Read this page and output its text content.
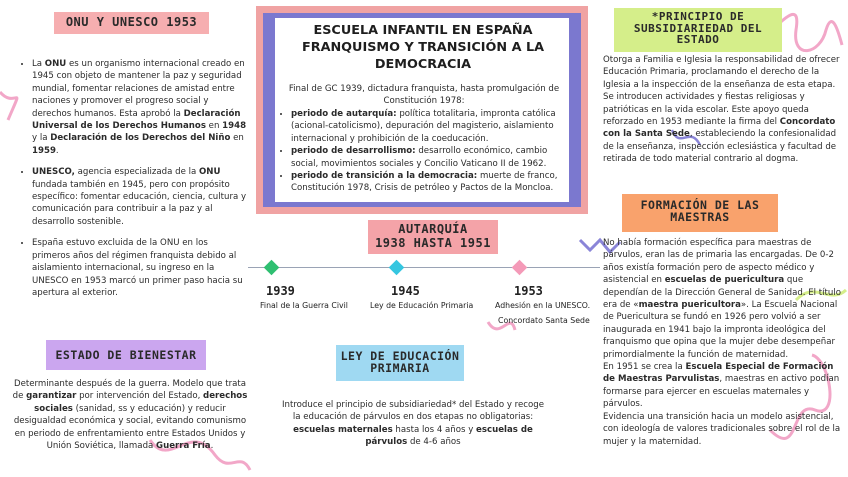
ONU Y UNESCO 1953
• La ONU es un organismo internacional creado en 1945 con objeto de mantener la paz y seguridad mundial, fomentar relaciones de amistad entre naciones y promover el progreso social y derechos humanos. Esta aprobó la Declaración Universal de los Derechos Humanos en 1948 y la Declaración de los Derechos del Niño en 1959.
• UNESCO, agencia especializada de la ONU fundada también en 1945, pero con propósito específico: fomentar educación, ciencia, cultura y comunicación para contribuir a la paz y al desarrollo sostenible.
• España estuvo excluida de la ONU en los primeros años del régimen franquista debido al aislamiento internacional, su ingreso en la UNESCO en 1953 marcó un primer paso hacia su apertura al exterior.
ESTADO DE BIENESTAR
Determinante después de la guerra. Modelo que trata de garantizar por intervención del Estado, derechos sociales (sanidad, ss y educación) y reducir desigualdad económica y social, evitando comunismo en periodo de enfrentamiento entre Estados Unidos y Unión Soviética, llamada Guerra Fría.
ESCUELA INFANTIL EN ESPAÑA FRANQUISMO Y TRANSICIÓN A LA DEMOCRACIA
Final de GC 1939, dictadura franquista, hasta promulgación de Constitución 1978:
• periodo de autarquía: política totalitaria, impronta católica (acional-catolicismo), depuración del magisterio, aislamiento internacional y prohibición de la coeducación.
• periodo de desarrollismo: desarrollo económico, cambio social, movimientos sociales y Concilio Vaticano II de 1962.
• periodo de transición a la democracia: muerte de franco, Constitución 1978, Crisis de petróleo y Pactos de la Moncloa.
AUTARQUÍA
1938 HASTA 1951
1939	1945	1953
Final de la Guerra Civil	Ley de Educación Primaria	Adhesión en la UNESCO.
Concordato Santa Sede
LEY DE EDUCACIÓN PRIMARIA
Introduce el principio de subsidiariedad* del Estado y recoge la educación de párvulos en dos etapas no obligatorias: escuelas maternales hasta los 4 años y escuelas de párvulos de 4-6 años
*PRINCIPIO DE SUBSIDIARIEDAD DEL ESTADO
Otorga a Familia e Iglesia la responsabilidad de ofrecer Educación Primaria, proclamando el derecho de la Iglesia a la inspección de la enseñanza de esta etapa. Se introducen actividades y fiestas religiosas y patrióticas en la vida escolar. Este apoyo queda reforzado en 1953 mediante la firma del Concordato con la Santa Sede, estableciendo la confesionalidad de la enseñanza, inspección eclesiástica y facultad de retirada de todo material contrario al dogma.
FORMACIÓN DE LAS MAESTRAS
No había formación específica para maestras de párvulos, eran las de primaria las encargadas. De 0-2 años existía formación pero de aspecto médico y asistencial en escuelas de puericultura que dependían de la Dirección General de Sanidad. El título era de «maestra puericultora». La Escuela Nacional de Puericultura se fundó en 1926 pero volvió a ser inaugurada en 1941 bajo la impronta ideológica del franquismo que opina que la mujer debe desempeñar primordialmente la función de maternidad.
En 1951 se crea la Escuela Especial de Formación de Maestras Parvulistas, maestras en activo podían formarse para ejercer en escuelas maternales y párvulos.
Evidencia una transición hacia un modelo asistencial, con ideología de valores tradicionales sobre el rol de la mujer y la maternidad.
